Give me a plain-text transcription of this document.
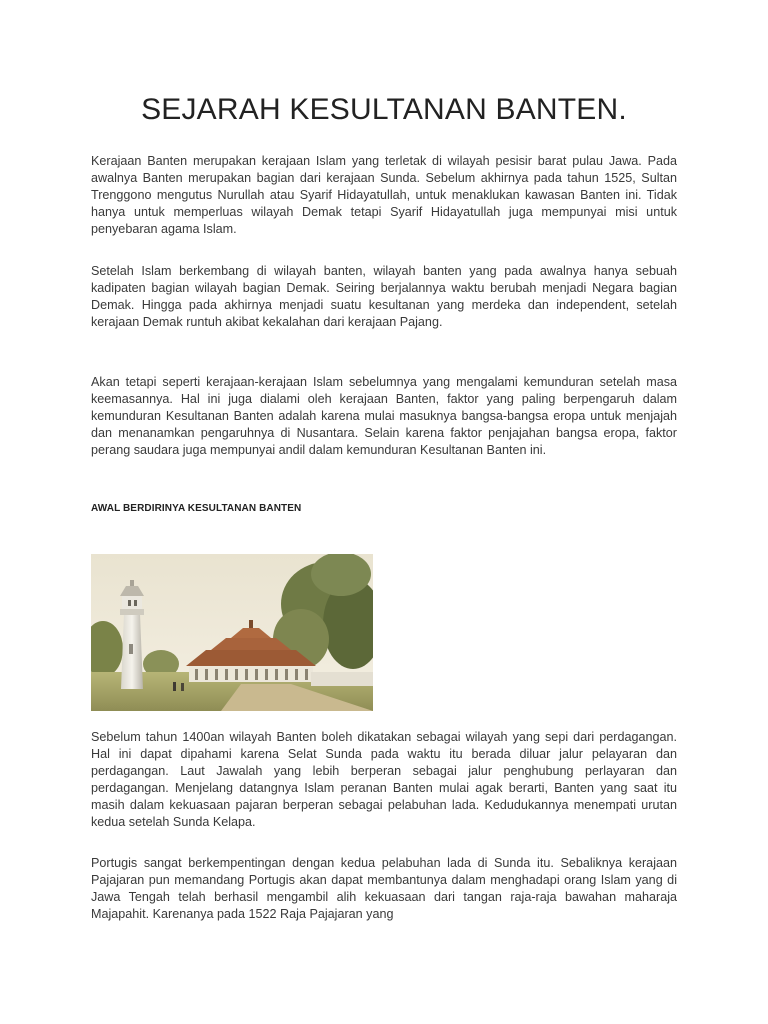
SEJARAH KESULTANAN BANTEN.

Kerajaan Banten merupakan kerajaan Islam yang terletak di wilayah pesisir barat pulau Jawa. Pada awalnya Banten merupakan bagian dari kerajaan Sunda. Sebelum akhirnya pada tahun 1525, Sultan Trenggono mengutus Nurullah atau Syarif Hidayatullah, untuk menaklukan kawasan Banten ini. Tidak hanya untuk memperluas wilayah Demak tetapi Syarif Hidayatullah juga mempunyai misi untuk penyebaran agama Islam.

Setelah Islam berkembang di wilayah banten, wilayah banten yang pada awalnya hanya sebuah kadipaten bagian wilayah bagian Demak. Seiring berjalannya waktu berubah menjadi Negara bagian Demak. Hingga pada akhirnya menjadi suatu kesultanan yang merdeka dan independent, setelah kerajaan Demak runtuh akibat kekalahan dari kerajaan Pajang.

Akan tetapi seperti kerajaan-kerajaan Islam sebelumnya yang mengalami kemunduran setelah masa keemasannya. Hal ini juga dialami oleh kerajaan Banten, faktor yang paling berpengaruh dalam kemunduran Kesultanan Banten adalah karena mulai masuknya bangsa-bangsa eropa untuk menjajah dan menanamkan pengaruhnya di Nusantara. Selain karena faktor penjajahan bangsa eropa, faktor perang saudara juga mempunyai andil dalam kemunduran Kesultanan Banten ini.

AWAL BERDIRINYA KESULTANAN BANTEN

Sebelum tahun 1400an wilayah Banten boleh dikatakan sebagai wilayah yang sepi dari perdagangan. Hal ini dapat dipahami karena Selat Sunda pada waktu itu berada diluar jalur pelayaran dan perdagangan. Laut Jawalah yang lebih berperan sebagai jalur penghubung perlayaran dan perdagangan. Menjelang datangnya Islam peranan Banten mulai agak berarti, Banten yang saat itu masih dalam kekuasaan pajaran berperan sebagai pelabuhan lada. Kedudukannya menempati urutan kedua setelah Sunda Kelapa.

Portugis sangat berkempentingan dengan kedua pelabuhan lada di Sunda itu. Sebaliknya kerajaan Pajajaran pun memandang Portugis akan dapat membantunya dalam menghadapi orang Islam yang di Jawa Tengah telah berhasil mengambil alih kekuasaan dari tangan raja-raja bawahan maharaja Majapahit. Karenanya pada 1522 Raja Pajajaran yang
